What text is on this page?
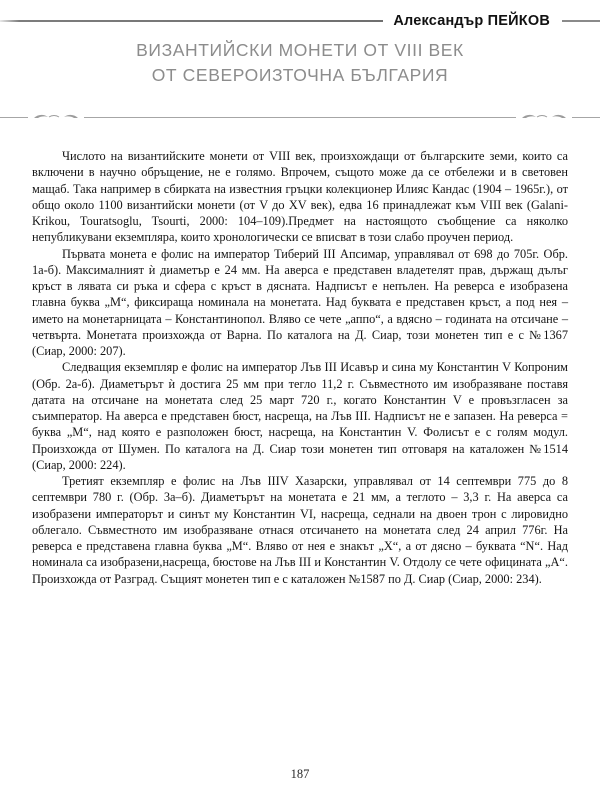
Александър ПЕЙКОВ
ВИЗАНТИЙСКИ МОНЕТИ ОТ VIII ВЕК
ОТ СЕВЕРОИЗТОЧНА БЪЛГАРИЯ

Числото на византийските монети от VIII век, произхождащи от българските земи, които са включени в научно обръщение, не е голямо. Впрочем, същото може да се отбележи и в световен мащаб. Така например в сбирката на известния гръцки колекционер Илияс Кандас (1904 – 1965г.), от общо около 1100 византийски монети (от V до XV век), едва 16 принадлежат към VIII век (Galani-Krikou, Touratsoglu, Tsourti, 2000: 104–109).Предмет на настоящото съобщение са няколко непубликувани екземпляра, които хронологически се вписват в този слабо проучен период.

Първата монета е фолис на император Тиберий III Апсимар, управлявал от 698 до 705г. Обр. 1а-б). Максималният ѝ диаметър е 24 мм. На аверса е представен владетелят прав, държащ дълъг кръст в лявата си ръка и сфера с кръст в дясната. Надписът е непълен. На реверса е изобразена главна буква „М“, фиксираща номинала на монетата. Над буквата е представен кръст, а под нея – името на монетарницата – Константинопол. Вляво се чете „аппо“, а вдясно – годината на отсичане – четвърта. Монетата произхожда от Варна. По каталога на Д. Сиар, този монетен тип е с №1367 (Сиар, 2000: 207).

Следващия екземпляр е фолис на император Лъв III Исавър и сина му Константин V Копроним (Обр. 2а-б). Диаметърът ѝ достига 25 мм при тегло 11,2 г. Съвместното им изобразяване поставя датата на отсичане на монетата след 25 март 720 г., когато Константин V е провъзгласен за съимператор. На аверса е представен бюст, насреща, на Лъв III. Надписът не е запазен. На реверса = буква „М“, над която е разположен бюст, насреща, на Константин V. Фолисът е с голям модул. Произхожда от Шумен. По каталога на Д. Сиар този монетен тип отговаря на каталожен №1514 (Сиар, 2000: 224).

Третият екземпляр е фолис на Лъв IIIV Хазарски, управлявал от 14 септември 775 до 8 септември 780 г. (Обр. 3а–б). Диаметърът на монетата е 21 мм, а теглото – 3,3 г. На аверса са изобразени императорът и синът му Константин VI, насреща, седнали на двоен трон с лировидно облегало. Съвместното им изобразяване отнася отсичането на монетата след 24 април 776г. На реверса е представена главна буква „М“. Вляво от нея е знакът „Х“, а от дясно – буквата “N“. Над номинала са изобразени,насреща, бюстове на Лъв III и Константин V. Отдолу се чете официната „А“. Произхожда от Разград. Същият монетен тип е с каталожен №1587 по Д. Сиар (Сиар, 2000: 234).

187
